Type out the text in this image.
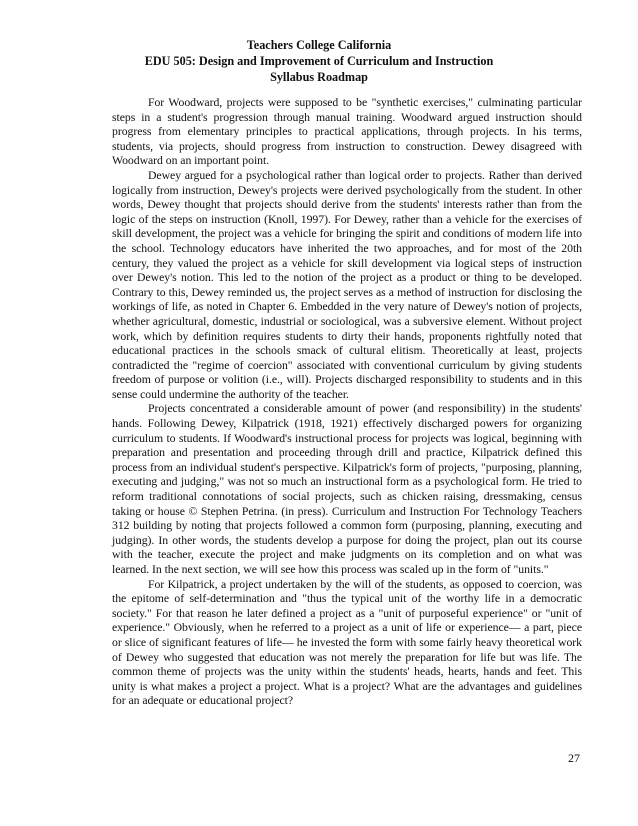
Teachers College California
EDU 505: Design and Improvement of Curriculum and Instruction
Syllabus Roadmap

For Woodward, projects were supposed to be "synthetic exercises," culminating particular steps in a student's progression through manual training. Woodward argued instruction should progress from elementary principles to practical applications, through projects. In his terms, students, via projects, should progress from instruction to construction. Dewey disagreed with Woodward on an important point.

Dewey argued for a psychological rather than logical order to projects. Rather than derived logically from instruction, Dewey's projects were derived psychologically from the student. In other words, Dewey thought that projects should derive from the students' interests rather than from the logic of the steps on instruction (Knoll, 1997). For Dewey, rather than a vehicle for the exercises of skill development, the project was a vehicle for bringing the spirit and conditions of modern life into the school. Technology educators have inherited the two approaches, and for most of the 20th century, they valued the project as a vehicle for skill development via logical steps of instruction over Dewey's notion. This led to the notion of the project as a product or thing to be developed. Contrary to this, Dewey reminded us, the project serves as a method of instruction for disclosing the workings of life, as noted in Chapter 6. Embedded in the very nature of Dewey's notion of projects, whether agricultural, domestic, industrial or sociological, was a subversive element. Without project work, which by definition requires students to dirty their hands, proponents rightfully noted that educational practices in the schools smack of cultural elitism. Theoretically at least, projects contradicted the "regime of coercion" associated with conventional curriculum by giving students freedom of purpose or volition (i.e., will). Projects discharged responsibility to students and in this sense could undermine the authority of the teacher.

Projects concentrated a considerable amount of power (and responsibility) in the students' hands. Following Dewey, Kilpatrick (1918, 1921) effectively discharged powers for organizing curriculum to students. If Woodward's instructional process for projects was logical, beginning with preparation and presentation and proceeding through drill and practice, Kilpatrick defined this process from an individual student's perspective. Kilpatrick's form of projects, "purposing, planning, executing and judging," was not so much an instructional form as a psychological form. He tried to reform traditional connotations of social projects, such as chicken raising, dressmaking, census taking or house © Stephen Petrina. (in press). Curriculum and Instruction For Technology Teachers 312 building by noting that projects followed a common form (purposing, planning, executing and judging). In other words, the students develop a purpose for doing the project, plan out its course with the teacher, execute the project and make judgments on its completion and on what was learned. In the next section, we will see how this process was scaled up in the form of "units."

For Kilpatrick, a project undertaken by the will of the students, as opposed to coercion, was the epitome of self-determination and "thus the typical unit of the worthy life in a democratic society." For that reason he later defined a project as a "unit of purposeful experience" or "unit of experience." Obviously, when he referred to a project as a unit of life or experience— a part, piece or slice of significant features of life— he invested the form with some fairly heavy theoretical work of Dewey who suggested that education was not merely the preparation for life but was life. The common theme of projects was the unity within the students' heads, hearts, hands and feet. This unity is what makes a project a project. What is a project? What are the advantages and guidelines for an adequate or educational project?

27
